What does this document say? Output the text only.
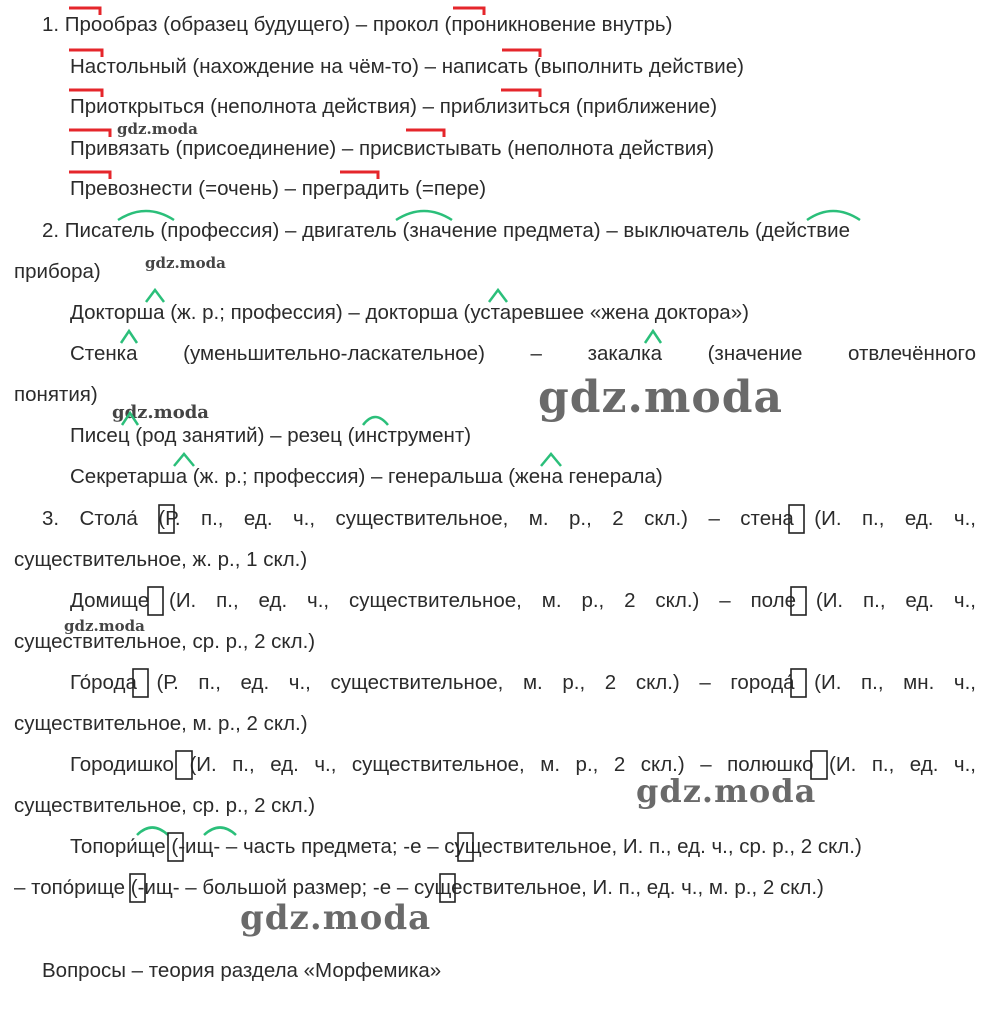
1. Прообраз (образец будущего) – прокол (проникновение внутрь)
Настольный (нахождение на чём-то) – написать (выполнить действие)
Приоткрыться (неполнота действия) – приблизиться (приближение)
Привязать (присоединение) – присвистывать (неполнота действия)
Превознести (=очень) – преградить (=пере)
2. Писатель (профессия) – двигатель (значение предмета) – выключатель (действие
прибора)
Докторша (ж. р.; профессия) – докторша (устаревшее «жена доктора»)
Стенка (уменьшительно-ласкательное) – закалка (значение отвлечённого
понятия)
Писец (род занятий) – резец (инструмент)
Секретарша (ж. р.; профессия) – генеральша (жена генерала)
3. Стола́ (Р. п., ед. ч., существительное, м. р., 2 скл.) – стена (И. п., ед. ч.,
существительное, ж. р., 1 скл.)
Домище (И. п., ед. ч., существительное, м. р., 2 скл.) – поле (И. п., ед. ч.,
существительное, ср. р., 2 скл.)
Го́рода (Р. п., ед. ч., существительное, м. р., 2 скл.) – города́ (И. п., мн. ч.,
существительное, м. р., 2 скл.)
Городишко (И. п., ед. ч., существительное, м. р., 2 скл.) – полюшко (И. п., ед. ч.,
существительное, ср. р., 2 скл.)
Топори́ще (-ищ- – часть предмета; -е – существительное, И. п., ед. ч., ср. р., 2 скл.)
– топо́рище (-ищ- – большой размер; -е – существительное, И. п., ед. ч., м. р., 2 скл.)
Вопросы – теория раздела «Морфемика»
gdz.moda
gdz.moda
gdz.moda	gdz.moda
gdz.moda
gdz.moda
gdz.moda
